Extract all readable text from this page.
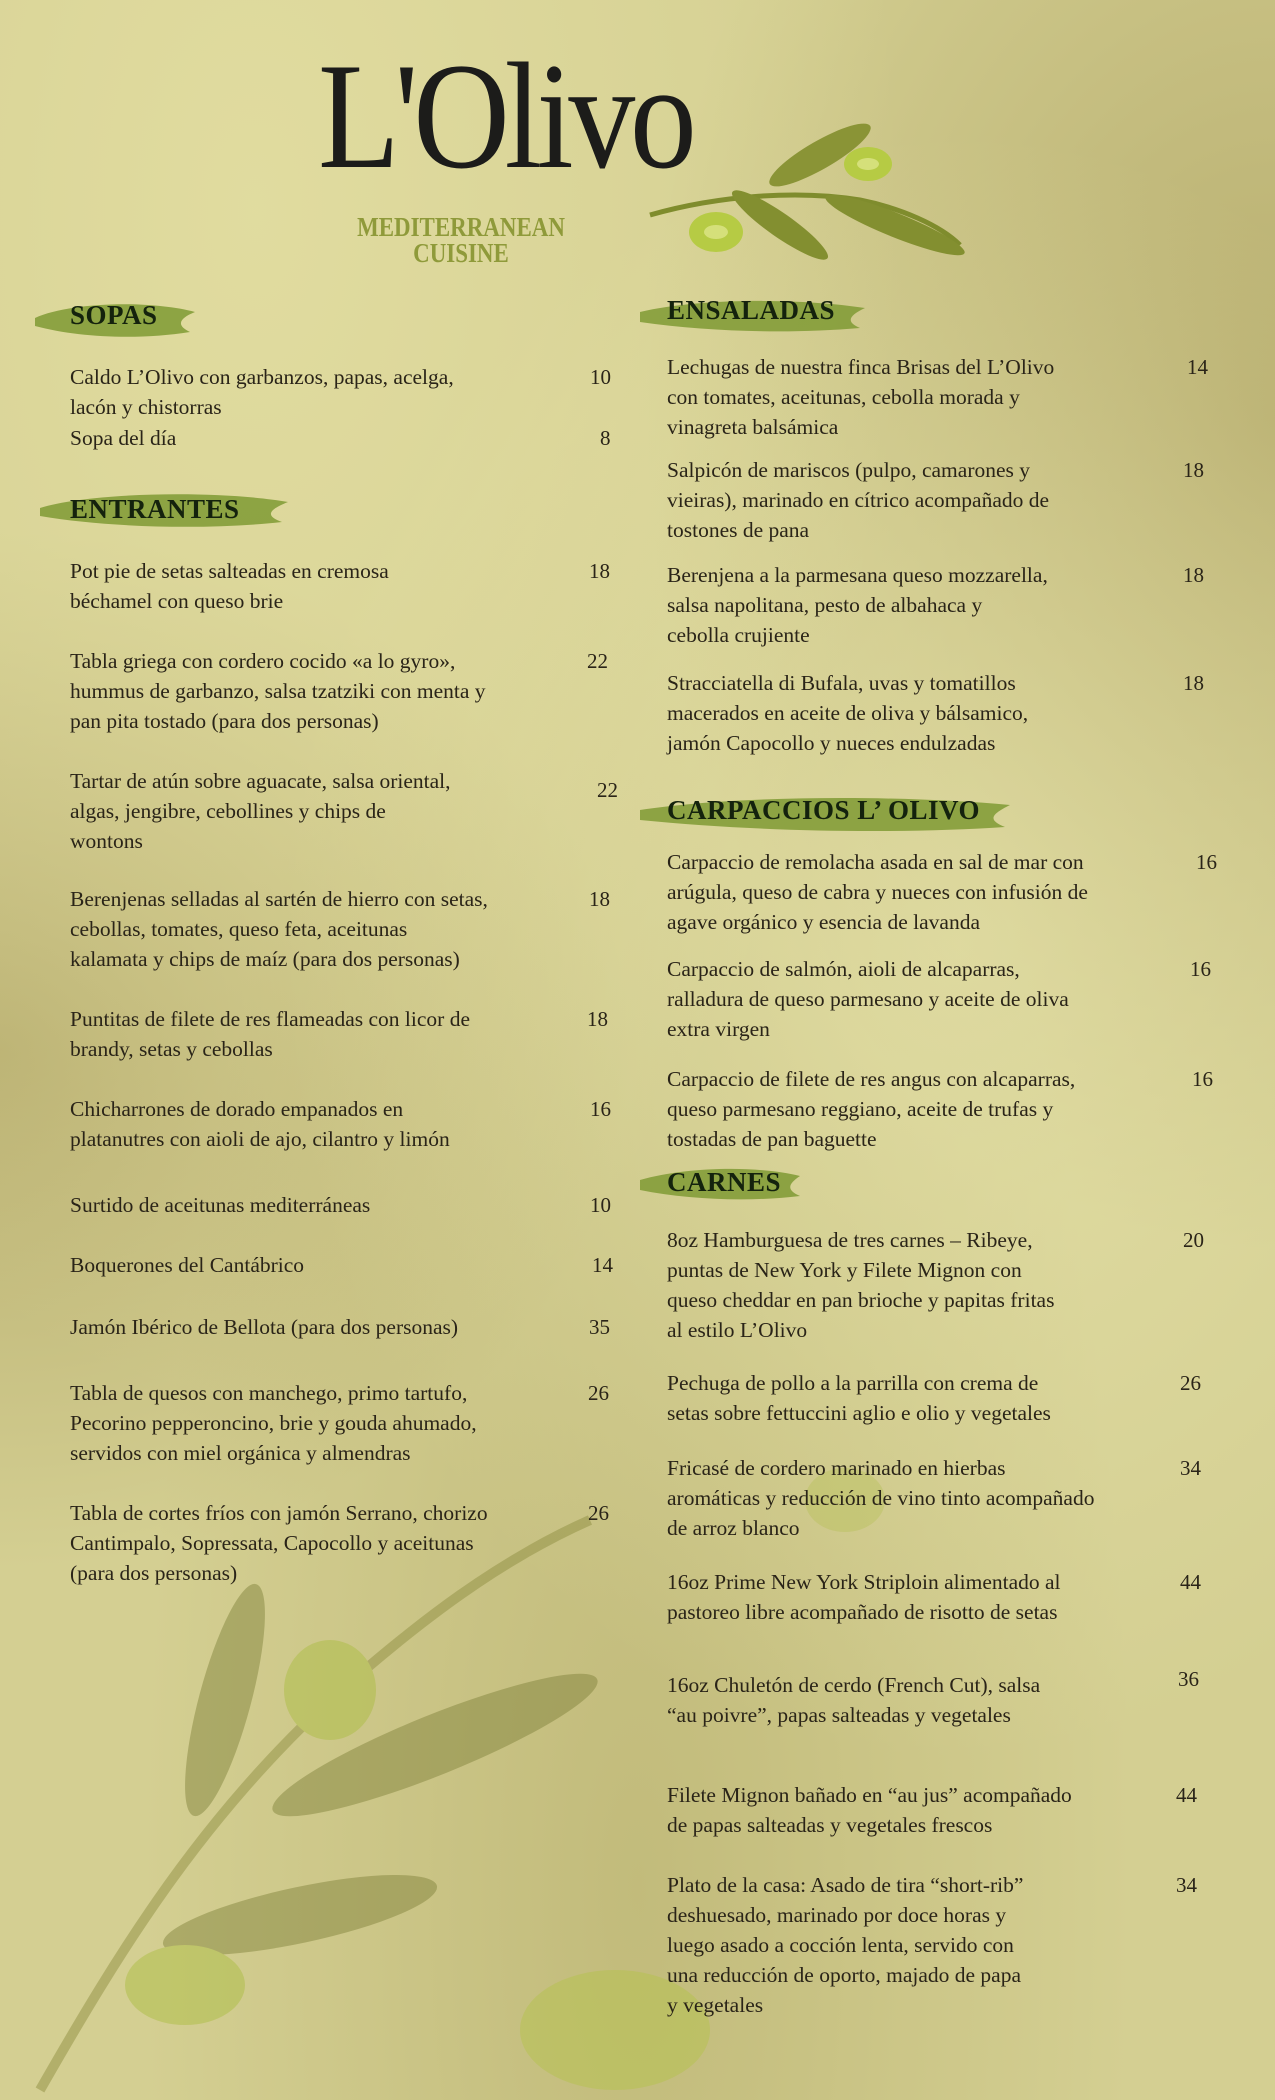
L'Olivo
MEDITERRANEAN
CUISINE
SOPAS
Caldo L’Olivo con garbanzos, papas, acelga,
lacón y chistorras
10
Sopa del día	8
ENTRANTES
Pot pie de setas salteadas en cremosa
béchamel con queso brie
18
Tabla griega con cordero cocido «a lo gyro»,
hummus de garbanzo, salsa tzatziki con menta y
pan pita tostado (para dos personas)
22
Tartar de atún sobre aguacate, salsa oriental,
algas, jengibre, cebollines y chips de
wontons
22
Berenjenas selladas al sartén de hierro con setas,
cebollas, tomates, queso feta, aceitunas
kalamata y chips de maíz (para dos personas)
18
Puntitas de filete de res flameadas con licor de
brandy, setas y cebollas
18
Chicharrones de dorado empanados en
platanutres con aioli de ajo, cilantro y limón
16
Surtido de aceitunas mediterráneas	10
Boquerones del Cantábrico	14
Jamón Ibérico de Bellota (para dos personas)	35
Tabla de quesos con manchego, primo tartufo,
Pecorino pepperoncino, brie y gouda ahumado,
servidos con miel orgánica y almendras
26
Tabla de cortes fríos con jamón Serrano, chorizo
Cantimpalo, Sopressata, Capocollo y aceitunas
(para dos personas)
26
ENSALADAS
Lechugas de nuestra finca Brisas del L’Olivo
con tomates, aceitunas, cebolla morada y
vinagreta balsámica
14
Salpicón de mariscos (pulpo, camarones y
vieiras), marinado en cítrico acompañado de
tostones de pana
18
Berenjena a la parmesana queso mozzarella,
salsa napolitana, pesto de albahaca y
cebolla crujiente
18
Stracciatella di Bufala, uvas y tomatillos
macerados en aceite de oliva y bálsamico,
jamón Capocollo y nueces endulzadas
18
CARPACCIOS L’ OLIVO
Carpaccio de remolacha asada en sal de mar con
arúgula, queso de cabra y nueces con infusión de
agave orgánico y esencia de lavanda
16
Carpaccio de salmón, aioli de alcaparras,
ralladura de queso parmesano y aceite de oliva
extra virgen
16
Carpaccio de filete de res angus con alcaparras,
queso parmesano reggiano, aceite de trufas y
tostadas de pan baguette
16
CARNES
8oz Hamburguesa de tres carnes – Ribeye,
puntas de New York y Filete Mignon con
queso cheddar en pan brioche y papitas fritas
al estilo L’Olivo
20
Pechuga de pollo a la parrilla con crema de
setas sobre fettuccini aglio e olio y vegetales
26
Fricasé de cordero marinado en hierbas
aromáticas y reducción de vino tinto acompañado
de arroz blanco
34
16oz Prime New York Striploin alimentado al
pastoreo libre acompañado de risotto de setas
44
16oz Chuletón de cerdo (French Cut), salsa
“au poivre”, papas salteadas y vegetales
36
Filete Mignon bañado en “au jus” acompañado
de papas salteadas y vegetales frescos
44
Plato de la casa: Asado de tira “short-rib”
deshuesado, marinado por doce horas y
luego asado a cocción lenta, servido con
una reducción de oporto, majado de papa
y vegetales
34
